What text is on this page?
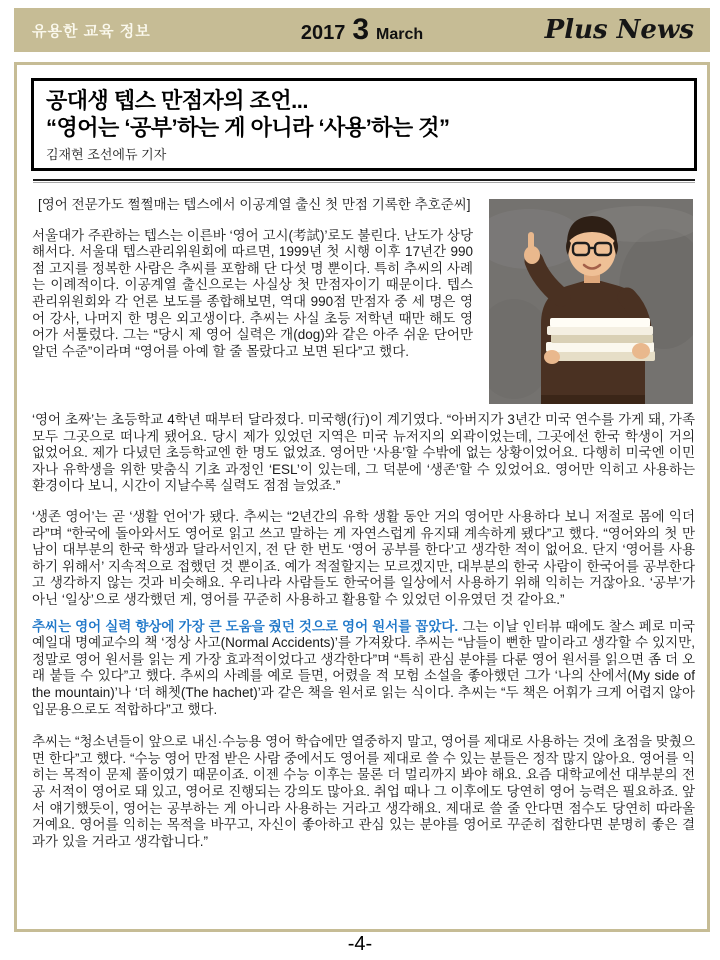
유용한 교육 정보	2017 3 March	Plus News
공대생 텝스 만점자의 조언...
“영어는 ‘공부’하는 게 아니라 ‘사용’하는 것”
김재현 조선에듀 기자
[영어 전문가도 쩔쩔매는 텝스에서 이공계열 출신 첫 만점 기록한 추호준씨]
서울대가 주관하는 텝스는 이른바 ‘영어 고시(考試)’로도 불린다. 난도가 상당해서다. 서울대 텝스관리위원회에 따르면, 1999년 첫 시행 이후 17년간 990점 고지를 정복한 사람은 추씨를 포함해 단 다섯 명 뿐이다. 특히 추씨의 사례는 이례적이다. 이공계열 출신으로는 사실상 첫 만점자이기 때문이다. 텝스관리위원회와 각 언론 보도를 종합해보면, 역대 990점 만점자 중 세 명은 영어 강사, 나머지 한 명은 외고생이다. 추씨는 사실 초등 저학년 때만 해도 영어가 서툴렀다. 그는 “당시 제 영어 실력은 개(dog)와 같은 아주 쉬운 단어만 알던 수준”이라며 “영어를 아예 할 줄 몰랐다고 보면 된다”고 했다.
‘영어 초짜’는 초등학교 4학년 때부터 달라졌다. 미국행(行)이 계기였다. “아버지가 3년간 미국 연수를 가게 돼, 가족 모두 그곳으로 떠나게 됐어요. 당시 제가 있었던 지역은 미국 뉴저지의 외곽이었는데, 그곳에선 한국 학생이 거의 없었어요. 제가 다녔던 초등학교엔 한 명도 없었죠. 영어만 ‘사용’할 수밖에 없는 상황이었어요. 다행히 미국엔 이민자나 유학생을 위한 맞춤식 기초 과정인 ‘ESL’이 있는데, 그 덕분에 ‘생존’할 수 있었어요. 영어만 익히고 사용하는 환경이다 보니, 시간이 지날수록 실력도 점점 늘었죠.”
‘생존 영어’는 곧 ‘생활 언어’가 됐다. 추씨는 “2년간의 유학 생활 동안 거의 영어만 사용하다 보니 저절로 몸에 익더라”며 “한국에 돌아와서도 영어로 읽고 쓰고 말하는 게 자연스럽게 유지돼 계속하게 됐다”고 했다. “영어와의 첫 만남이 대부분의 한국 학생과 달라서인지, 전 단 한 번도 ‘영어 공부를 한다’고 생각한 적이 없어요. 단지 ‘영어를 사용하기 위해서’ 지속적으로 접했던 것 뿐이죠. 예가 적절할지는 모르겠지만, 대부분의 한국 사람이 한국어를 공부한다고 생각하지 않는 것과 비슷해요. 우리나라 사람들도 한국어를 일상에서 사용하기 위해 익히는 거잖아요. ‘공부’가 아닌 ‘일상’으로 생각했던 게, 영어를 꾸준히 사용하고 활용할 수 있었던 이유였던 것 같아요.”
추씨는 영어 실력 향상에 가장 큰 도움을 줬던 것으로 영어 원서를 꼽았다. 그는 이날 인터뷰 때에도 찰스 페로 미국 예일대 명예교수의 책 ‘정상 사고(Normal Accidents)’를 가져왔다. 추씨는 “남들이 뻔한 말이라고 생각할 수 있지만, 정말로 영어 원서를 읽는 게 가장 효과적이었다고 생각한다”며 “특히 관심 분야를 다룬 영어 원서를 읽으면 좀 더 오래 붙들 수 있다”고 했다. 추씨의 사례를 예로 들면, 어렸을 적 모험 소설을 좋아했던 그가 ‘나의 산에서(My side of the mountain)’나 ‘더 해쳇(The hachet)’과 같은 책을 원서로 읽는 식이다. 추씨는 “두 책은 어휘가 크게 어렵지 않아 입문용으로도 적합하다”고 했다.
추씨는 “청소년들이 앞으로 내신·수능용 영어 학습에만 열중하지 말고, 영어를 제대로 사용하는 것에 초점을 맞췄으면 한다”고 했다. “수능 영어 만점 받은 사람 중에서도 영어를 제대로 쓸 수 있는 분들은 정작 많지 않아요. 영어를 익히는 목적이 문제 풀이였기 때문이죠. 이젠 수능 이후는 물론 더 멀리까지 봐야 해요. 요즘 대학교에선 대부분의 전공 서적이 영어로 돼 있고, 영어로 진행되는 강의도 많아요. 취업 때나 그 이후에도 당연히 영어 능력은 필요하죠. 앞서 얘기했듯이, 영어는 공부하는 게 아니라 사용하는 거라고 생각해요. 제대로 쓸 줄 안다면 점수도 당연히 따라올 거예요. 영어를 익히는 목적을 바꾸고, 자신이 좋아하고 관심 있는 분야를 영어로 꾸준히 접한다면 분명히 좋은 결과가 있을 거라고 생각합니다.”
-4-
